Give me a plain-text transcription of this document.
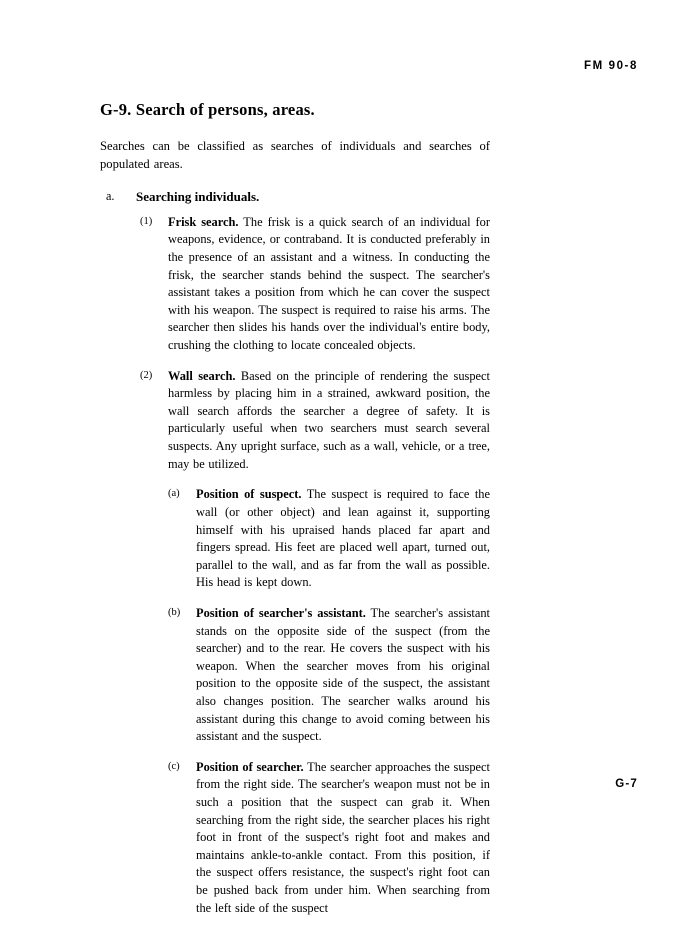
FM 90-8
G-9. Search of persons, areas.

Searches can be classified as searches of individuals and searches of populated areas.

a. Searching individuals.
(1) Frisk search. The frisk is a quick search of an individual for weapons, evidence, or contraband. It is conducted preferably in the presence of an assistant and a witness. In conducting the frisk, the searcher stands behind the suspect. The searcher's assistant takes a position from which he can cover the suspect with his weapon. The suspect is required to raise his arms. The searcher then slides his hands over the individual's entire body, crushing the clothing to locate concealed objects.
(2) Wall search. Based on the principle of rendering the suspect harmless by placing him in a strained, awkward position, the wall search affords the searcher a degree of safety. It is particularly useful when two searchers must search several suspects. Any upright surface, such as a wall, vehicle, or a tree, may be utilized.
(a) Position of suspect. The suspect is required to face the wall (or other object) and lean against it, supporting himself with his upraised hands placed far apart and fingers spread. His feet are placed well apart, turned out, parallel to the wall, and as far from the wall as possible. His head is kept down.
(b) Position of searcher's assistant. The searcher's assistant stands on the opposite side of the suspect (from the searcher) and to the rear. He covers the suspect with his weapon. When the searcher moves from his original position to the opposite side of the suspect, the assistant also changes position. The searcher walks around his assistant during this change to avoid coming between his assistant and the suspect.
(c) Position of searcher. The searcher approaches the suspect from the right side. The searcher's weapon must not be in such a position that the suspect can grab it. When searching from the right side, the searcher places his right foot in front of the suspect's right foot and makes and maintains ankle-to-ankle contact. From this position, if the suspect offers resistance, the suspect's right foot can be pushed back from under him. When searching from the left side of the suspect
G-7
